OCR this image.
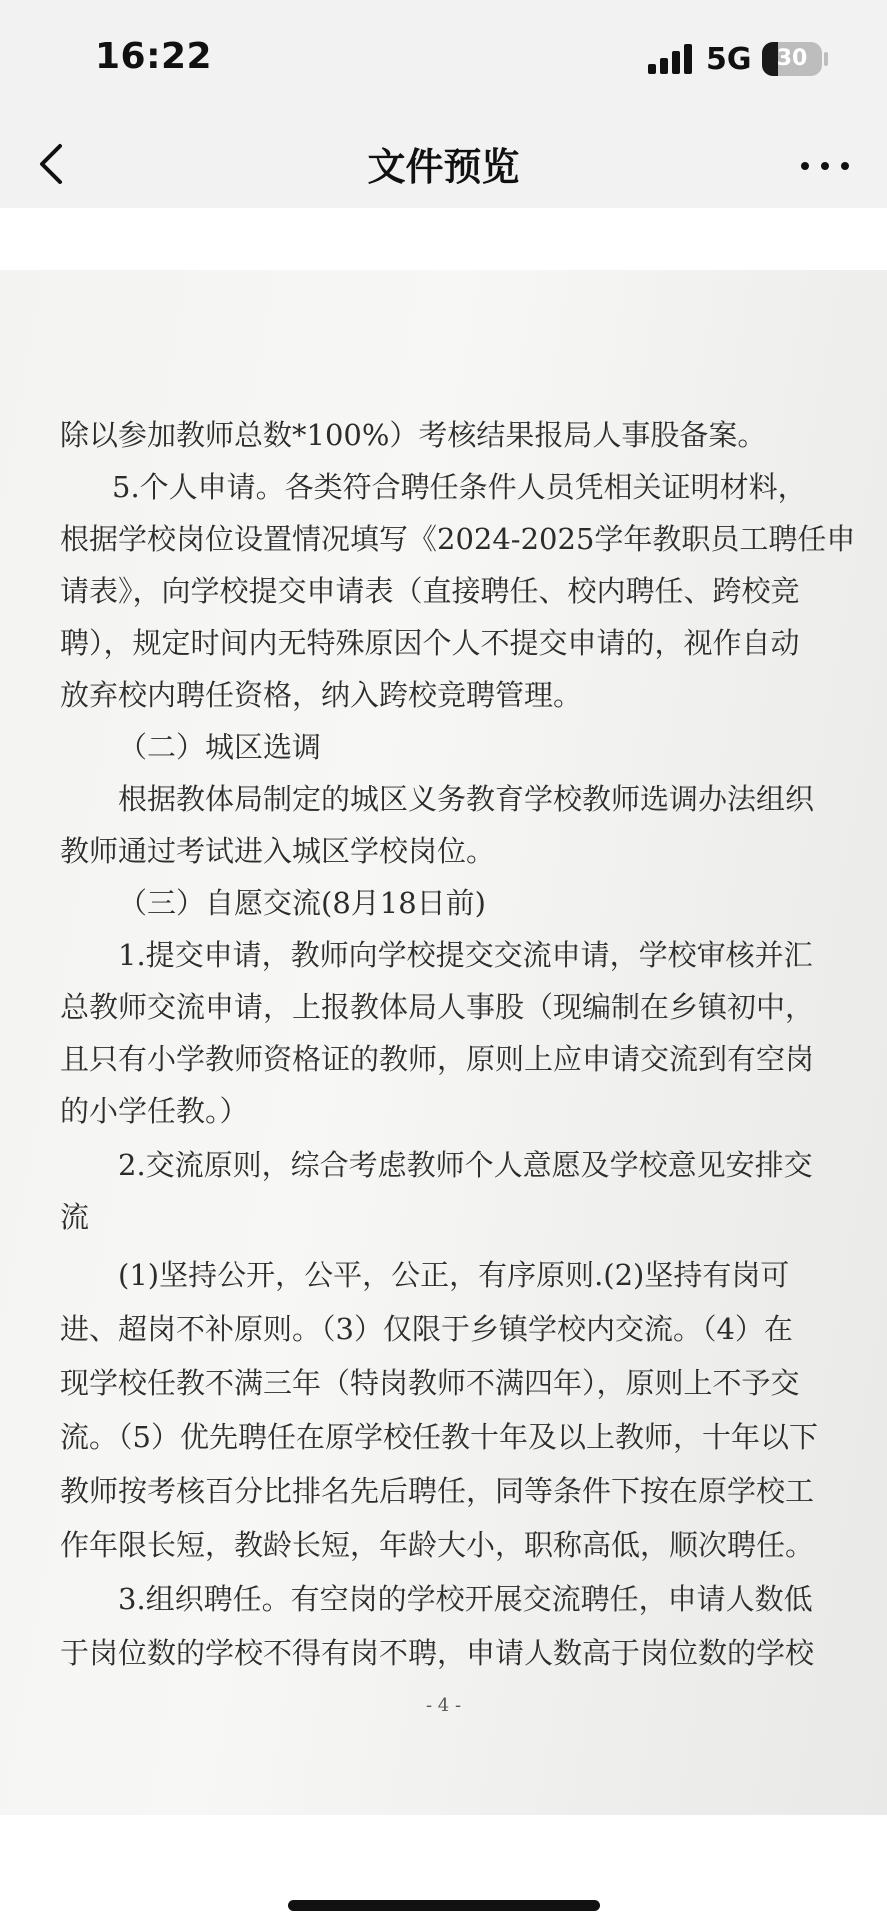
16:22	5G	30
文件预览
除以参加教师总数*100%）考核结果报局人事股备案。
5.个人申请。各类符合聘任条件人员凭相关证明材料，
根据学校岗位设置情况填写《2024-2025学年教职员工聘任申
请表》，向学校提交申请表（直接聘任、校内聘任、跨校竞
聘），规定时间内无特殊原因个人不提交申请的，视作自动
放弃校内聘任资格，纳入跨校竞聘管理。
（二）城区选调
根据教体局制定的城区义务教育学校教师选调办法组织
教师通过考试进入城区学校岗位。
（三）自愿交流(8月18日前)
1.提交申请，教师向学校提交交流申请，学校审核并汇
总教师交流申请，上报教体局人事股（现编制在乡镇初中，
且只有小学教师资格证的教师，原则上应申请交流到有空岗
的小学任教。）
2.交流原则，综合考虑教师个人意愿及学校意见安排交
流
(1)坚持公开，公平，公正，有序原则.(2)坚持有岗可
进、超岗不补原则。（3）仅限于乡镇学校内交流。（4）在
现学校任教不满三年（特岗教师不满四年），原则上不予交
流。（5）优先聘任在原学校任教十年及以上教师，十年以下
教师按考核百分比排名先后聘任，同等条件下按在原学校工
作年限长短，教龄长短，年龄大小，职称高低，顺次聘任。
3.组织聘任。有空岗的学校开展交流聘任，申请人数低
于岗位数的学校不得有岗不聘，申请人数高于岗位数的学校
- 4 -
